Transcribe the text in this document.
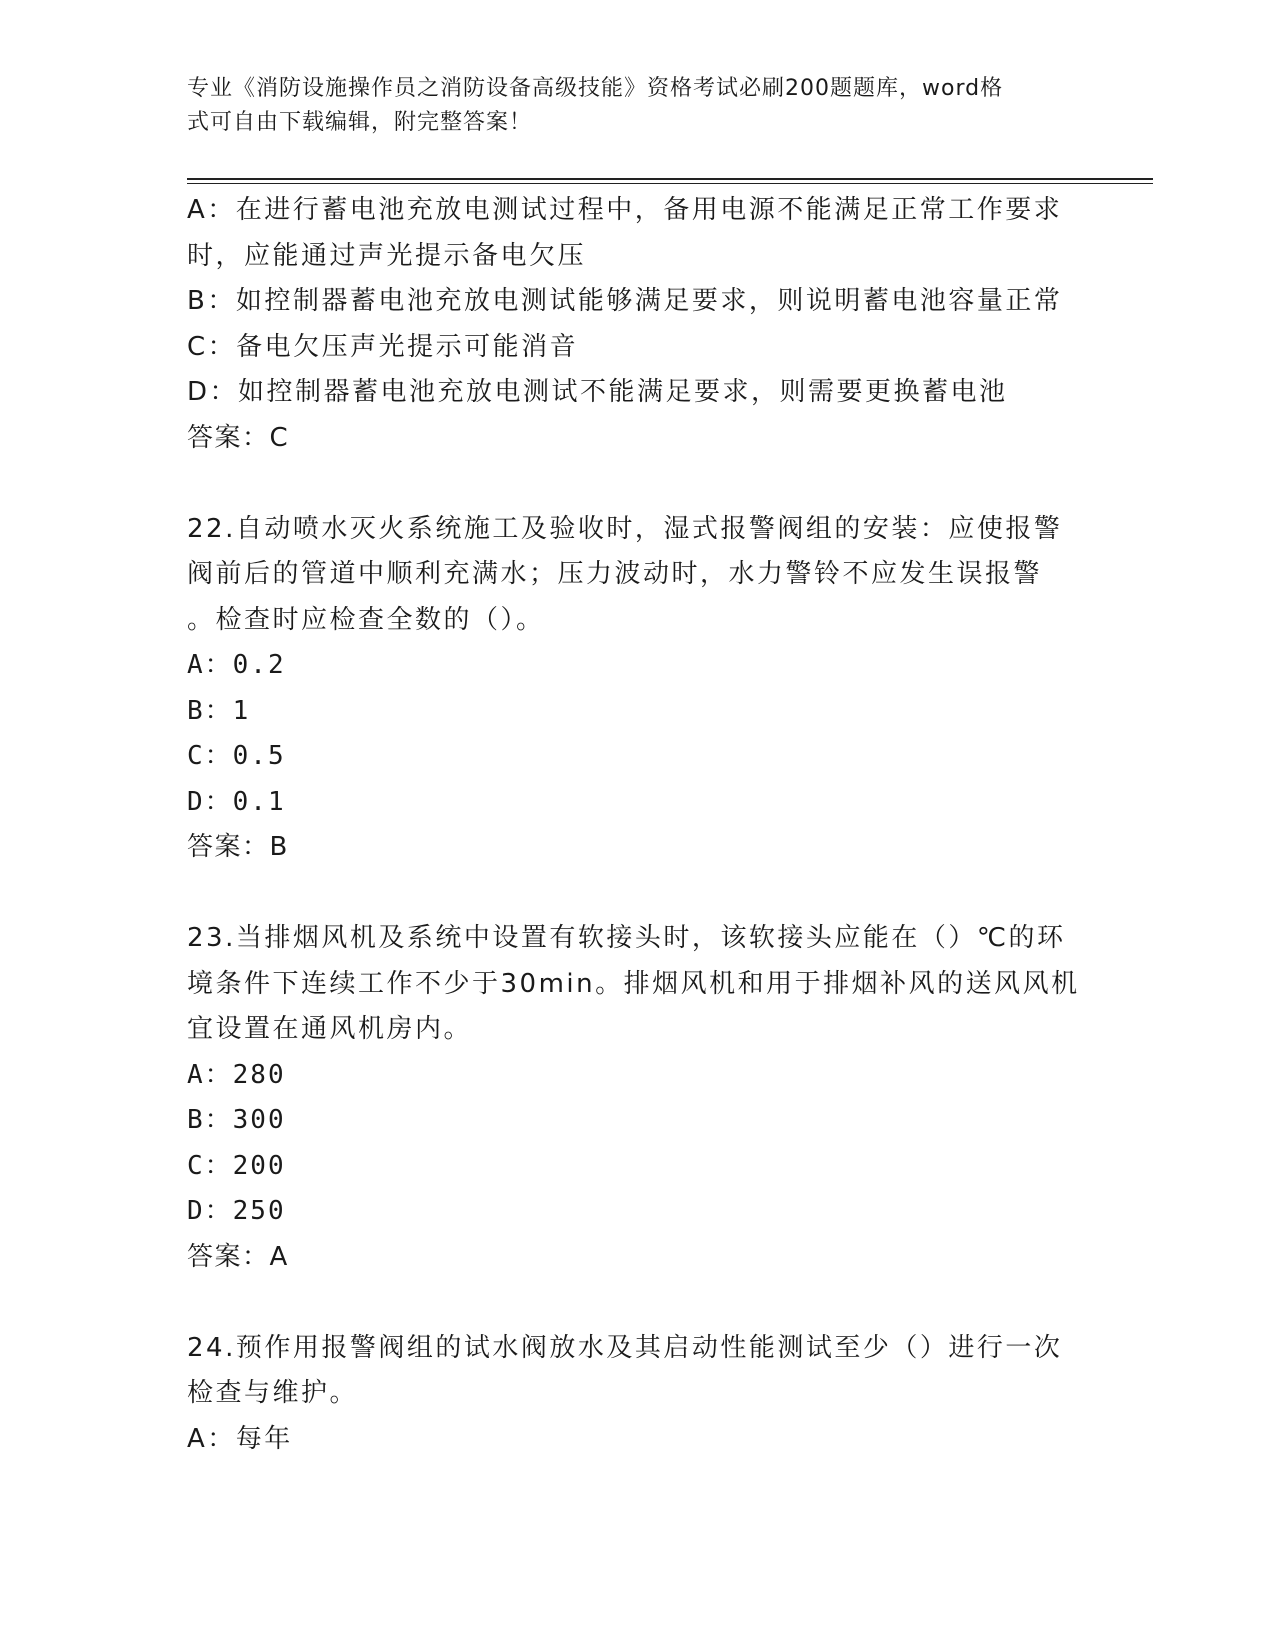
专业《消防设施操作员之消防设备高级技能》资格考试必刷200题题库，word格
式可自由下载编辑，附完整答案！
A：在进行蓄电池充放电测试过程中，备用电源不能满足正常工作要求
时，应能通过声光提示备电欠压
B：如控制器蓄电池充放电测试能够满足要求，则说明蓄电池容量正常
C：备电欠压声光提示可能消音
D：如控制器蓄电池充放电测试不能满足要求，则需要更换蓄电池
答案：C
22.自动喷水灭火系统施工及验收时，湿式报警阀组的安装：应使报警
阀前后的管道中顺利充满水；压力波动时，水力警铃不应发生误报警
。检查时应检查全数的（）。
A：0.2
B：1
C：0.5
D：0.1
答案：B
23.当排烟风机及系统中设置有软接头时，该软接头应能在（）℃的环
境条件下连续工作不少于30min。排烟风机和用于排烟补风的送风风机
宜设置在通风机房内。
A：280
B：300
C：200
D：250
答案：A
24.预作用报警阀组的试水阀放水及其启动性能测试至少（）进行一次
检查与维护。
A：每年
